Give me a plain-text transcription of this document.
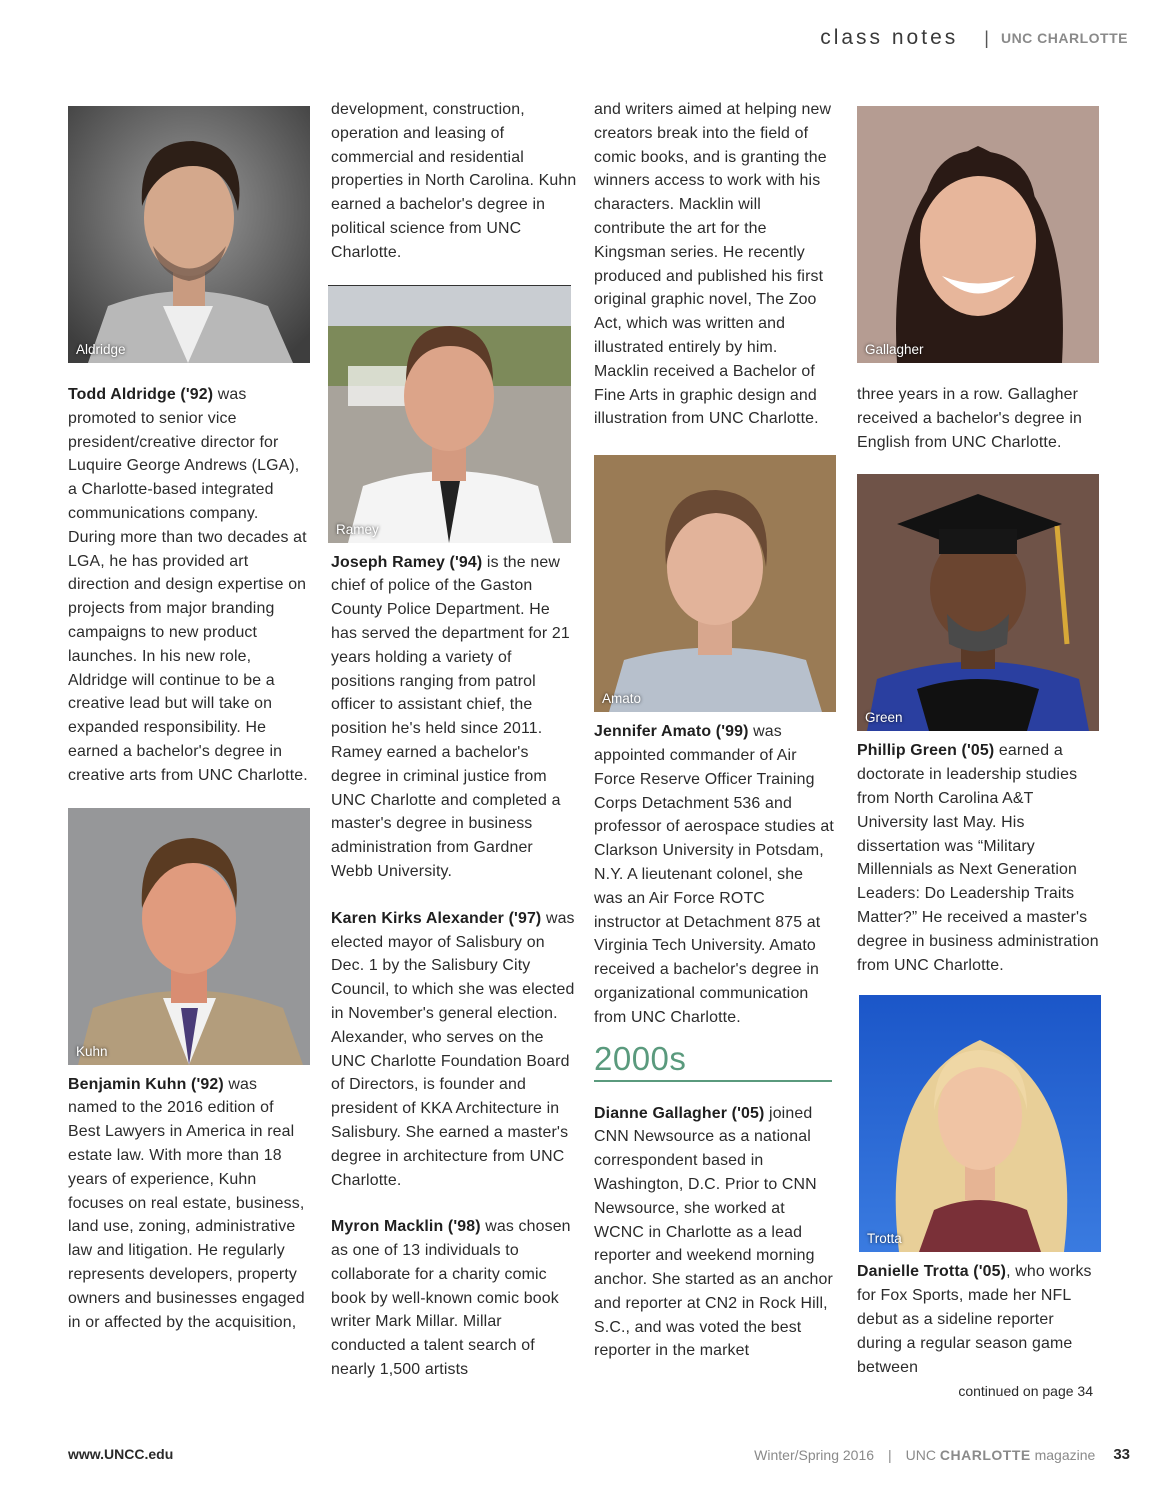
class notes | UNC CHARLOTTE
Aldridge

Todd Aldridge ('92) was promoted to senior vice president/creative director for Luquire George Andrews (LGA), a Charlotte-based integrated communications company. During more than two decades at LGA, he has provided art direction and design expertise on projects from major branding campaigns to new product launches. In his new role, Aldridge will continue to be a creative lead but will take on expanded responsibility. He earned a bachelor's degree in creative arts from UNC Charlotte.

Kuhn

Benjamin Kuhn ('92) was named to the 2016 edition of Best Lawyers in America in real estate law. With more than 18 years of experience, Kuhn focuses on real estate, business, land use, zoning, administrative law and litigation. He regularly represents developers, property owners and businesses engaged in or affected by the acquisition,

development, construction, operation and leasing of commercial and residential properties in North Carolina. Kuhn earned a bachelor's degree in political science from UNC Charlotte.

Ramey

Joseph Ramey ('94) is the new chief of police of the Gaston County Police Department. He has served the department for 21 years holding a variety of positions ranging from patrol officer to assistant chief, the position he's held since 2011. Ramey earned a bachelor's degree in criminal justice from UNC Charlotte and completed a master's degree in business administration from Gardner Webb University.

Karen Kirks Alexander ('97) was elected mayor of Salisbury on Dec. 1 by the Salisbury City Council, to which she was elected in November's general election. Alexander, who serves on the UNC Charlotte Foundation Board of Directors, is founder and president of KKA Architecture in Salisbury. She earned a master's degree in architecture from UNC Charlotte.

Myron Macklin ('98) was chosen as one of 13 individuals to collaborate for a charity comic book by well-known comic book writer Mark Millar. Millar conducted a talent search of nearly 1,500 artists

and writers aimed at helping new creators break into the field of comic books, and is granting the winners access to work with his characters. Macklin will contribute the art for the Kingsman series. He recently produced and published his first original graphic novel, The Zoo Act, which was written and illustrated entirely by him. Macklin received a Bachelor of Fine Arts in graphic design and illustration from UNC Charlotte.

Amato

Jennifer Amato ('99) was appointed commander of Air Force Reserve Officer Training Corps Detachment 536 and professor of aerospace studies at Clarkson University in Potsdam, N.Y. A lieutenant colonel, she was an Air Force ROTC instructor at Detachment 875 at Virginia Tech University. Amato received a bachelor's degree in organizational communication from UNC Charlotte.

2000s

Dianne Gallagher ('05) joined CNN Newsource as a national correspondent based in Washington, D.C. Prior to CNN Newsource, she worked at WCNC in Charlotte as a lead reporter and weekend morning anchor. She started as an anchor and reporter at CN2 in Rock Hill, S.C., and was voted the best reporter in the market

Gallagher

three years in a row. Gallagher received a bachelor's degree in English from UNC Charlotte.

Green

Phillip Green ('05) earned a doctorate in leadership studies from North Carolina A&T University last May. His dissertation was “Military Millennials as Next Generation Leaders: Do Leadership Traits Matter?” He received a master's degree in business administration from UNC Charlotte.

Trotta

Danielle Trotta ('05), who works for Fox Sports, made her NFL debut as a sideline reporter during a regular season game between

continued on page 34
www.UNCC.edu	Winter/Spring 2016 | UNC CHARLOTTE magazine 33
